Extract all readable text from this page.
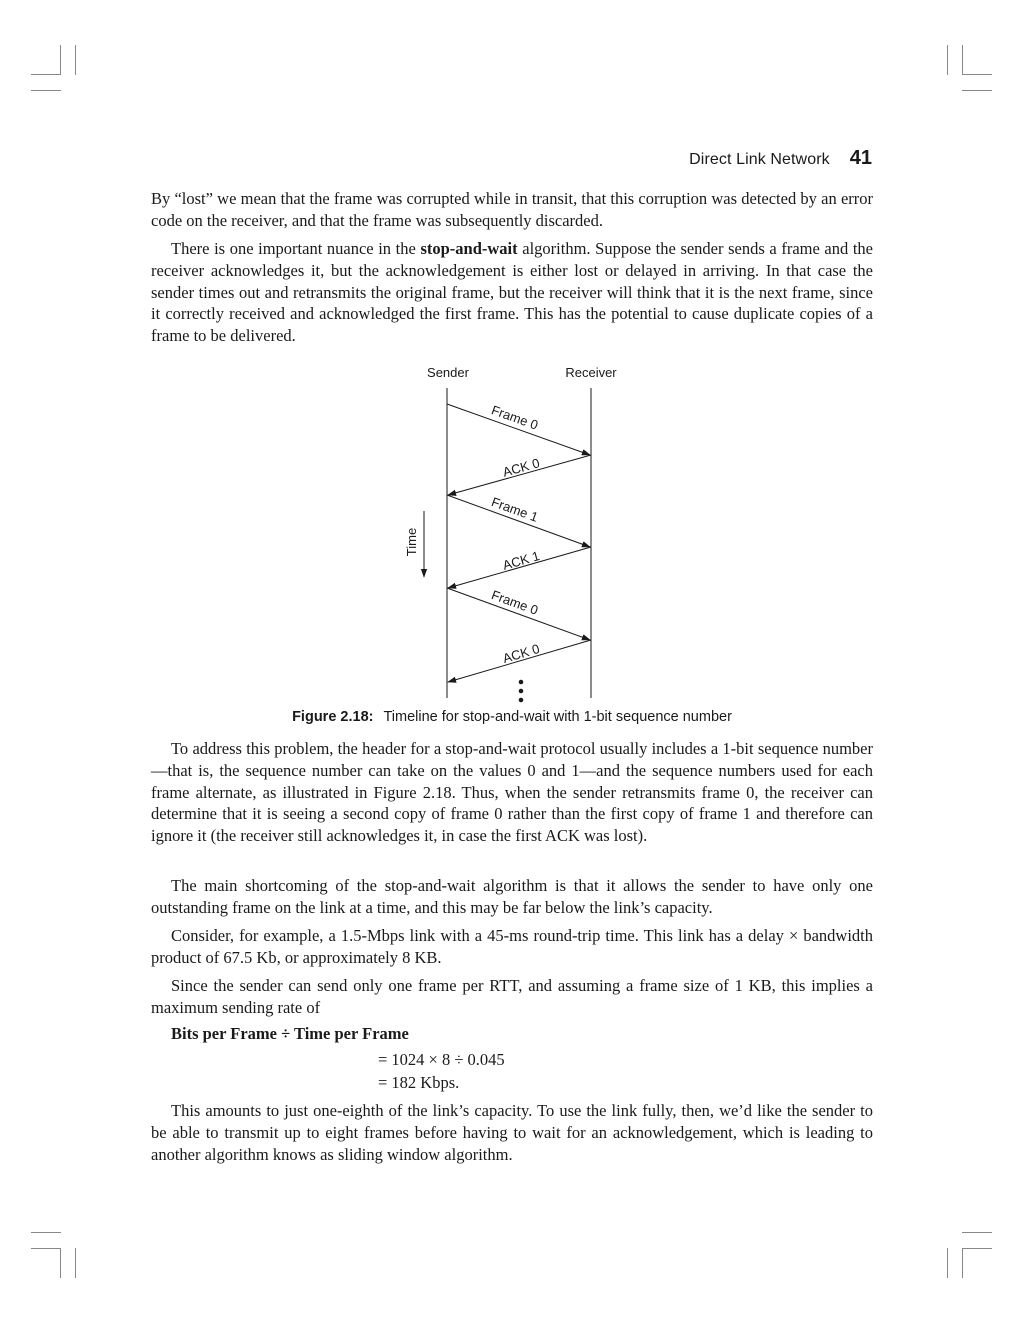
Direct Link Network 41

By “lost” we mean that the frame was corrupted while in transit, that this corruption was detected by an error code on the receiver, and that the frame was subsequently discarded.

There is one important nuance in the stop-and-wait algorithm. Suppose the sender sends a frame and the receiver acknowledges it, but the acknowledgement is either lost or delayed in arriving. In that case the sender times out and retransmits the original frame, but the receiver will think that it is the next frame, since it correctly received and acknowledged the first frame. This has the potential to cause duplicate copies of a frame to be delivered.

Sender	Receiver
Frame 0
ACK 0
Frame 1
ACK 1
Frame 0
ACK 0
Time
Figure 2.18: Timeline for stop-and-wait with 1-bit sequence number

To address this problem, the header for a stop-and-wait protocol usually includes a 1-bit sequence number—that is, the sequence number can take on the values 0 and 1—and the sequence numbers used for each frame alternate, as illustrated in Figure 2.18. Thus, when the sender retransmits frame 0, the receiver can determine that it is seeing a second copy of frame 0 rather than the first copy of frame 1 and therefore can ignore it (the receiver still acknowledges it, in case the first ACK was lost).

The main shortcoming of the stop-and-wait algorithm is that it allows the sender to have only one outstanding frame on the link at a time, and this may be far below the link’s capacity.

Consider, for example, a 1.5-Mbps link with a 45-ms round-trip time. This link has a delay × bandwidth product of 67.5 Kb, or approximately 8 KB.

Since the sender can send only one frame per RTT, and assuming a frame size of 1 KB, this implies a maximum sending rate of

Bits per Frame ÷ Time per Frame
= 1024 × 8 ÷ 0.045
= 182 Kbps.

This amounts to just one-eighth of the link’s capacity. To use the link fully, then, we’d like the sender to be able to transmit up to eight frames before having to wait for an acknowledgement, which is leading to another algorithm knows as sliding window algorithm.
